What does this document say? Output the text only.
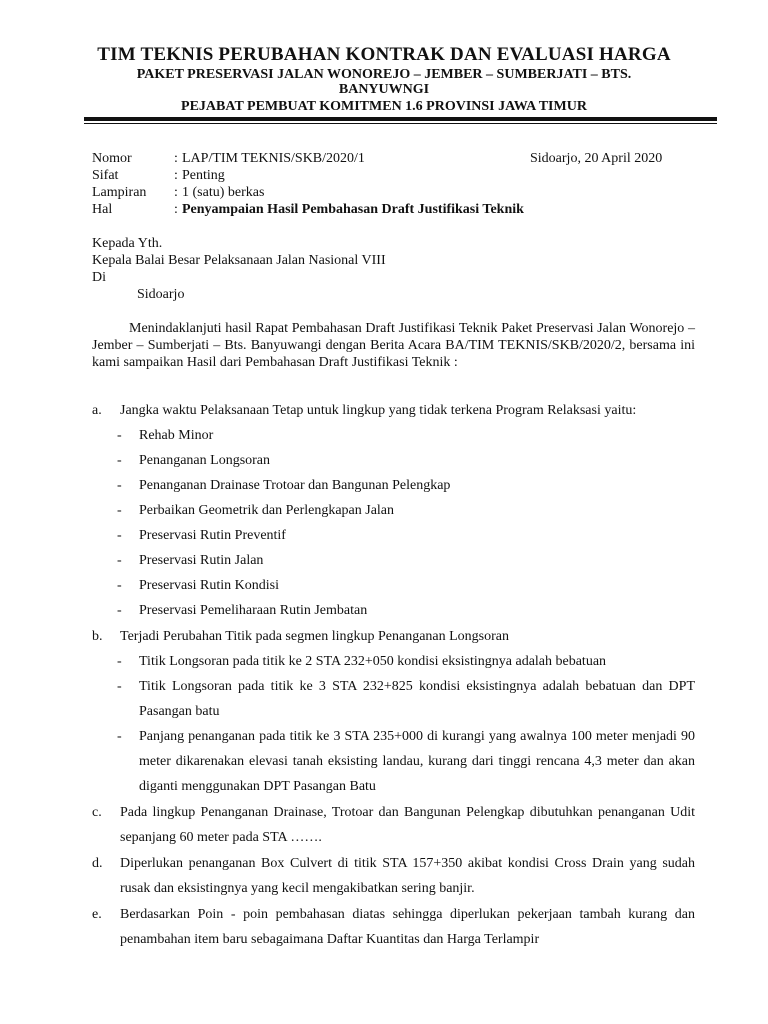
TIM TEKNIS PERUBAHAN KONTRAK DAN EVALUASI HARGA
PAKET PRESERVASI JALAN WONOREJO – JEMBER – SUMBERJATI – BTS.
BANYUWNGI
PEJABAT PEMBUAT KOMITMEN 1.6 PROVINSI JAWA TIMUR
Nomor	: LAP/TIM TEKNIS/SKB/2020/1	Sidoarjo, 20 April 2020
Sifat	: Penting
Lampiran : 1 (satu) berkas
Hal	: Penyampaian Hasil Pembahasan Draft Justifikasi Teknik
Kepada Yth.
Kepala Balai Besar Pelaksanaan Jalan Nasional VIII
Di
Sidoarjo
Menindaklanjuti hasil Rapat Pembahasan Draft Justifikasi Teknik Paket Preservasi Jalan Wonorejo – Jember – Sumberjati – Bts. Banyuwangi dengan Berita Acara BA/TIM TEKNIS/SKB/2020/2, bersama ini kami sampaikan Hasil dari Pembahasan Draft Justifikasi Teknik :
a. Jangka waktu Pelaksanaan Tetap untuk lingkup yang tidak terkena Program Relaksasi yaitu:
- Rehab Minor
- Penanganan Longsoran
- Penanganan Drainase Trotoar dan Bangunan Pelengkap
- Perbaikan Geometrik dan Perlengkapan Jalan
- Preservasi Rutin Preventif
- Preservasi Rutin Jalan
- Preservasi Rutin Kondisi
- Preservasi Pemeliharaan Rutin Jembatan
b. Terjadi Perubahan Titik pada segmen lingkup Penanganan Longsoran
- Titik Longsoran pada titik ke 2 STA 232+050 kondisi eksistingnya adalah bebatuan
- Titik Longsoran pada titik ke 3 STA 232+825 kondisi eksistingnya adalah bebatuan dan DPT Pasangan batu
- Panjang penanganan pada titik ke 3 STA 235+000 di kurangi yang awalnya 100 meter menjadi 90 meter dikarenakan elevasi tanah eksisting landau, kurang dari tinggi rencana 4,3 meter dan akan diganti menggunakan DPT Pasangan Batu
c. Pada lingkup Penanganan Drainase, Trotoar dan Bangunan Pelengkap dibutuhkan penanganan Udit sepanjang 60 meter pada STA …….
d. Diperlukan penanganan Box Culvert di titik STA 157+350 akibat kondisi Cross Drain yang sudah rusak dan eksistingnya yang kecil mengakibatkan sering banjir.
e. Berdasarkan Poin - poin pembahasan diatas sehingga diperlukan pekerjaan tambah kurang dan penambahan item baru sebagaimana Daftar Kuantitas dan Harga Terlampir
